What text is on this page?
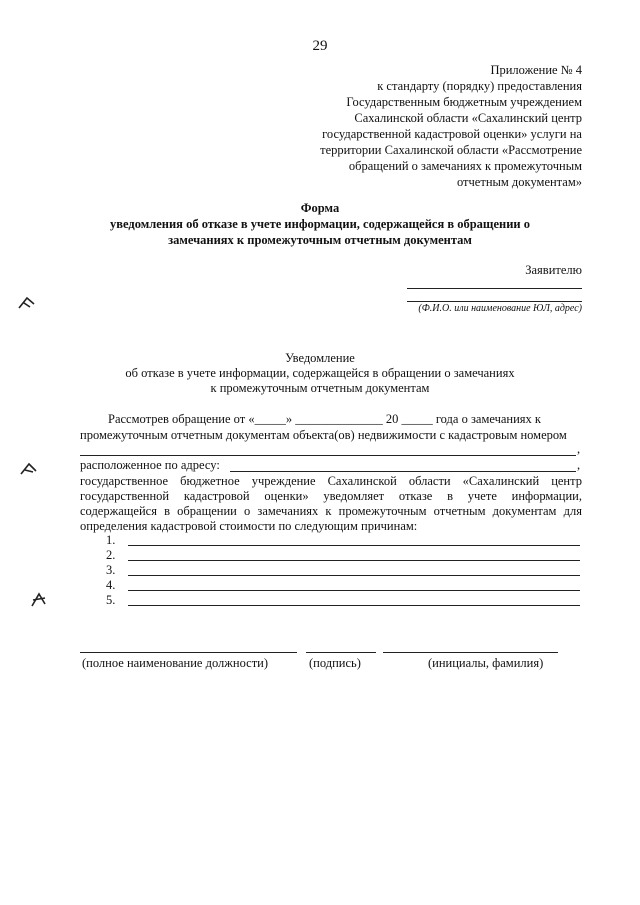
29
Приложение № 4
к стандарту (порядку) предоставления
Государственным бюджетным учреждением
Сахалинской области «Сахалинский центр
государственной кадастровой оценки» услуги на
территории Сахалинской области «Рассмотрение
обращений о замечаниях к промежуточным
отчетным документам»
Форма
уведомления об отказе в учете информации, содержащейся в обращении о
замечаниях к промежуточным отчетным документам
Заявителю
(Ф.И.О. или наименование ЮЛ, адрес)
Уведомление
об отказе в учете информации, содержащейся в обращении о замечаниях
к промежуточным отчетным документам
Рассмотрев обращение от «_____» ______________ 20 _____ года о замечаниях к
промежуточным отчетным документам объекта(ов) недвижимости с кадастровым номером
,
расположенное по адресу:	,
государственное бюджетное учреждение Сахалинской области «Сахалинский центр
государственной кадастровой оценки» уведомляет отказе в учете информации,
содержащейся в обращении о замечаниях к промежуточным отчетным документам для
определения кадастровой стоимости по следующим причинам:
1.
2.
3.
4.
5.
(полное наименование должности)	(подпись)	(инициалы, фамилия)
